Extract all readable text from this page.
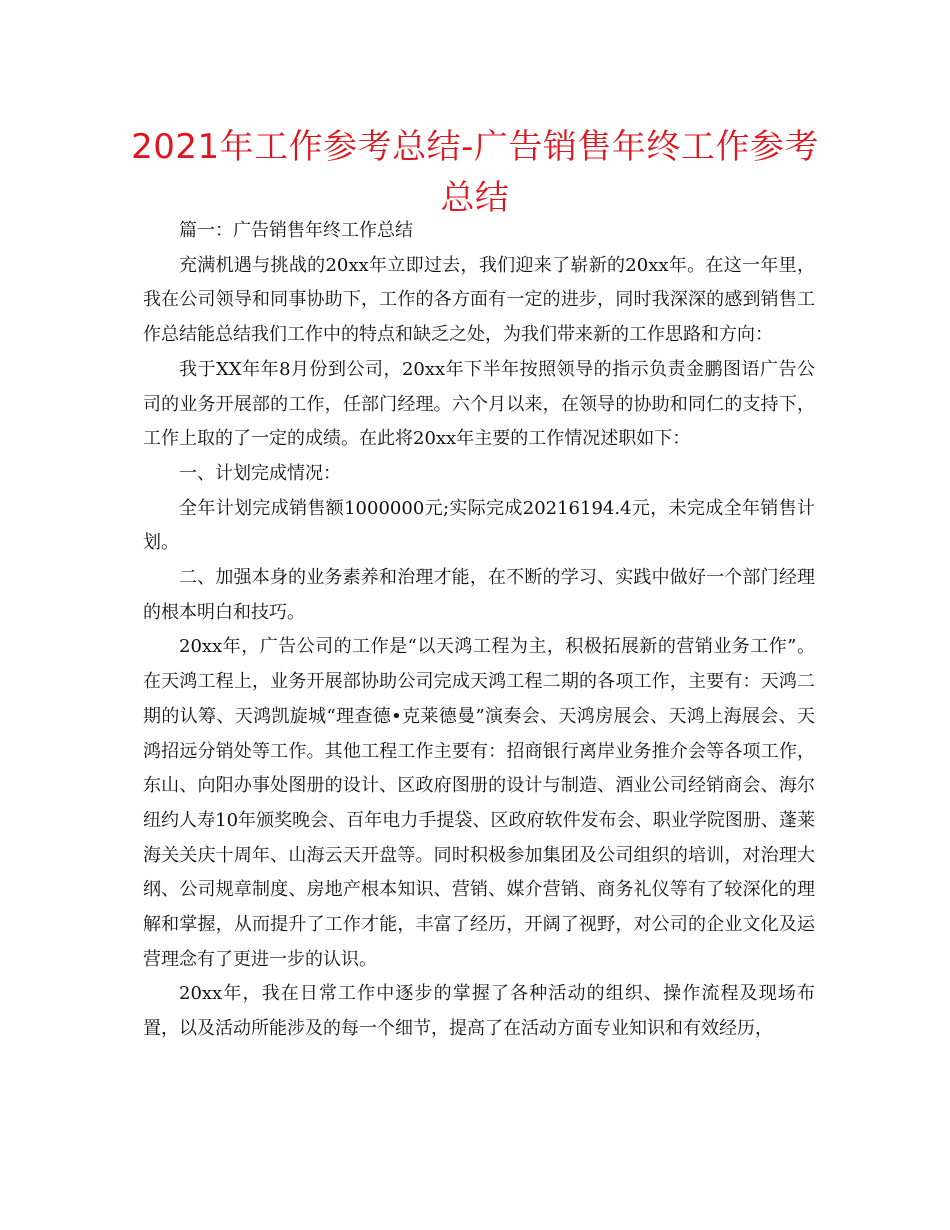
2021年工作参考总结-广告销售年终工作参考总结

篇一：广告销售年终工作总结

充满机遇与挑战的20xx年立即过去，我们迎来了崭新的20xx年。在这一年里，我在公司领导和同事协助下，工作的各方面有一定的进步，同时我深深的感到销售工作总结能总结我们工作中的特点和缺乏之处，为我们带来新的工作思路和方向：

我于XX年年8月份到公司，20xx年下半年按照领导的指示负责金鹏图语广告公司的业务开展部的工作，任部门经理。六个月以来，在领导的协助和同仁的支持下，工作上取的了一定的成绩。在此将20xx年主要的工作情况述职如下：

一、计划完成情况：

全年计划完成销售额1000000元;实际完成20216194.4元，未完成全年销售计划。

二、加强本身的业务素养和治理才能，在不断的学习、实践中做好一个部门经理的根本明白和技巧。

20xx年，广告公司的工作是“以天鸿工程为主，积极拓展新的营销业务工作”。在天鸿工程上，业务开展部协助公司完成天鸿工程二期的各项工作，主要有：天鸿二期的认筹、天鸿凯旋城“理查德•克莱德曼”演奏会、天鸿房展会、天鸿上海展会、天鸿招远分销处等工作。其他工程工作主要有：招商银行离岸业务推介会等各项工作，东山、向阳办事处图册的设计、区政府图册的设计与制造、酒业公司经销商会、海尔纽约人寿10年颁奖晚会、百年电力手提袋、区政府软件发布会、职业学院图册、蓬莱海关关庆十周年、山海云天开盘等。同时积极参加集团及公司组织的培训，对治理大纲、公司规章制度、房地产根本知识、营销、媒介营销、商务礼仪等有了较深化的理解和掌握，从而提升了工作才能，丰富了经历，开阔了视野，对公司的企业文化及运营理念有了更进一步的认识。

20xx年，我在日常工作中逐步的掌握了各种活动的组织、操作流程及现场布置，以及活动所能涉及的每一个细节，提高了在活动方面专业知识和有效经历，
